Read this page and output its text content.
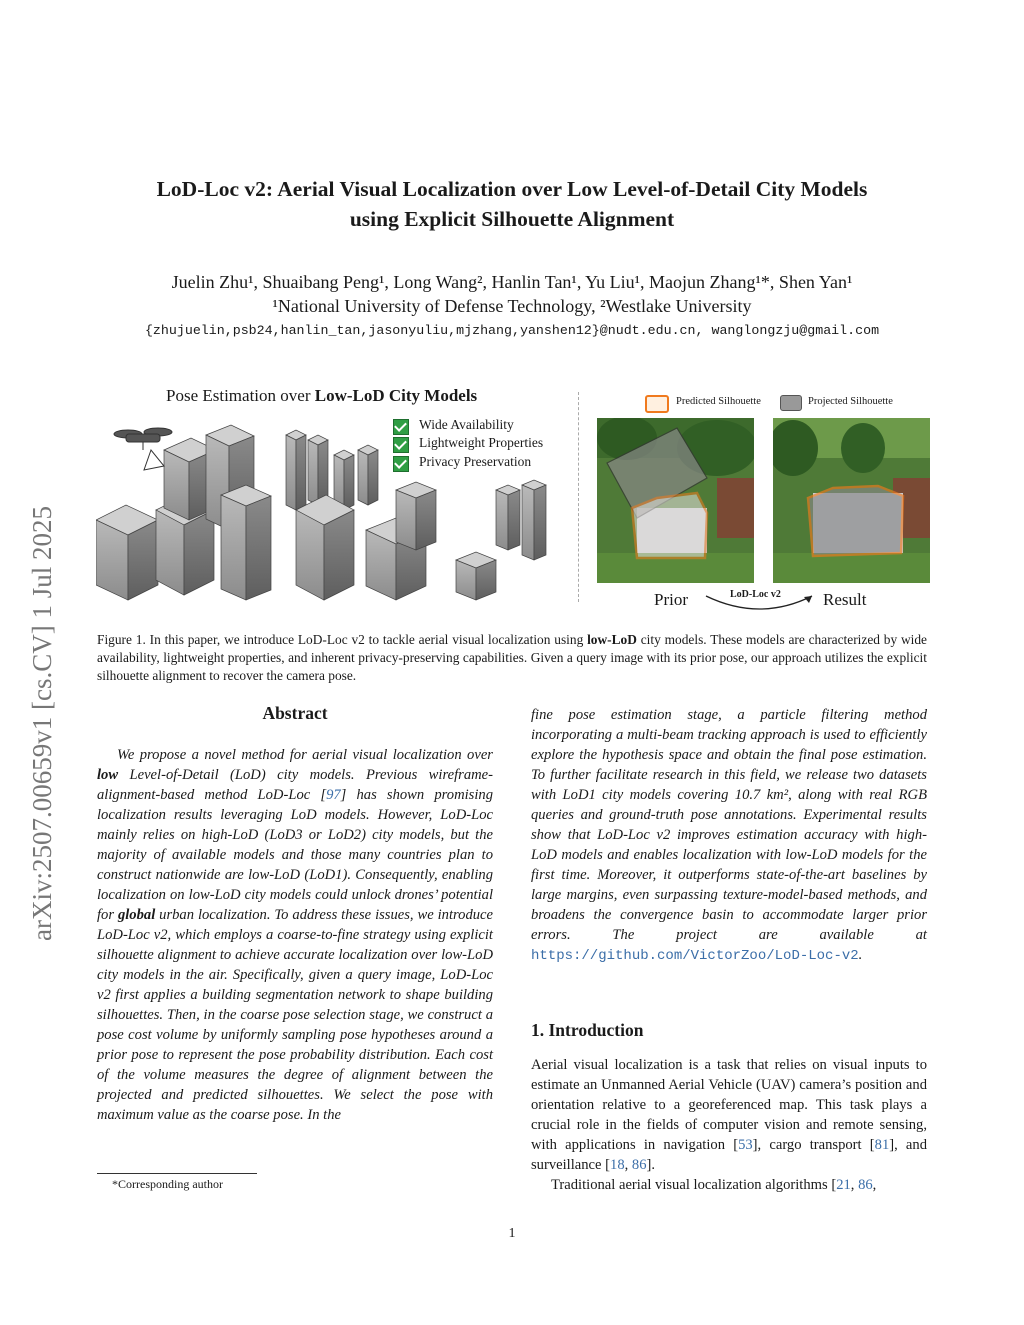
arXiv:2507.00659v1 [cs.CV] 1 Jul 2025
LoD-Loc v2: Aerial Visual Localization over Low Level-of-Detail City Models
using Explicit Silhouette Alignment
Juelin Zhu¹, Shuaibang Peng¹, Long Wang², Hanlin Tan¹, Yu Liu¹, Maojun Zhang¹*, Shen Yan¹
¹National University of Defense Technology, ²Westlake University
{zhujuelin,psb24,hanlin_tan,jasonyuliu,mjzhang,yanshen12}@nudt.edu.cn, wanglongzju@gmail.com
Pose Estimation over Low-LoD City Models
Wide Availability
Lightweight Properties
Privacy Preservation
Predicted Silhouette	Projected Silhouette
Prior	Result
LoD-Loc v2
Figure 1. In this paper, we introduce LoD-Loc v2 to tackle aerial visual localization using low-LoD city models. These models are characterized by wide availability, lightweight properties, and inherent privacy-preserving capabilities. Given a query image with its prior pose, our approach utilizes the explicit silhouette alignment to recover the camera pose.
Abstract

We propose a novel method for aerial visual localization over low Level-of-Detail (LoD) city models. Previous wireframe-alignment-based method LoD-Loc [97] has shown promising localization results leveraging LoD models. However, LoD-Loc mainly relies on high-LoD (LoD3 or LoD2) city models, but the majority of available models and those many countries plan to construct nationwide are low-LoD (LoD1). Consequently, enabling localization on low-LoD city models could unlock drones’ potential for global urban localization. To address these issues, we introduce LoD-Loc v2, which employs a coarse-to-fine strategy using explicit silhouette alignment to achieve accurate localization over low-LoD city models in the air. Specifically, given a query image, LoD-Loc v2 first applies a building segmentation network to shape building silhouettes. Then, in the coarse pose selection stage, we construct a pose cost volume by uniformly sampling pose hypotheses around a prior pose to represent the pose probability distribution. Each cost of the volume measures the degree of alignment between the projected and predicted silhouettes. We select the pose with maximum value as the coarse pose. In the

fine pose estimation stage, a particle filtering method incorporating a multi-beam tracking approach is used to efficiently explore the hypothesis space and obtain the final pose estimation. To further facilitate research in this field, we release two datasets with LoD1 city models covering 10.7 km², along with real RGB queries and ground-truth pose annotations. Experimental results show that LoD-Loc v2 improves estimation accuracy with high-LoD models and enables localization with low-LoD models for the first time. Moreover, it outperforms state-of-the-art baselines by large margins, even surpassing texture-model-based methods, and broadens the convergence basin to accommodate larger prior errors. The project are available at https://github.com/VictorZoo/LoD-Loc-v2.

1. Introduction

Aerial visual localization is a task that relies on visual inputs to estimate an Unmanned Aerial Vehicle (UAV) camera’s position and orientation relative to a georeferenced map. This task plays a crucial role in the fields of computer vision and remote sensing, with applications in navigation [53], cargo transport [81], and surveillance [18, 86].

Traditional aerial visual localization algorithms [21, 86,

*Corresponding author
1
